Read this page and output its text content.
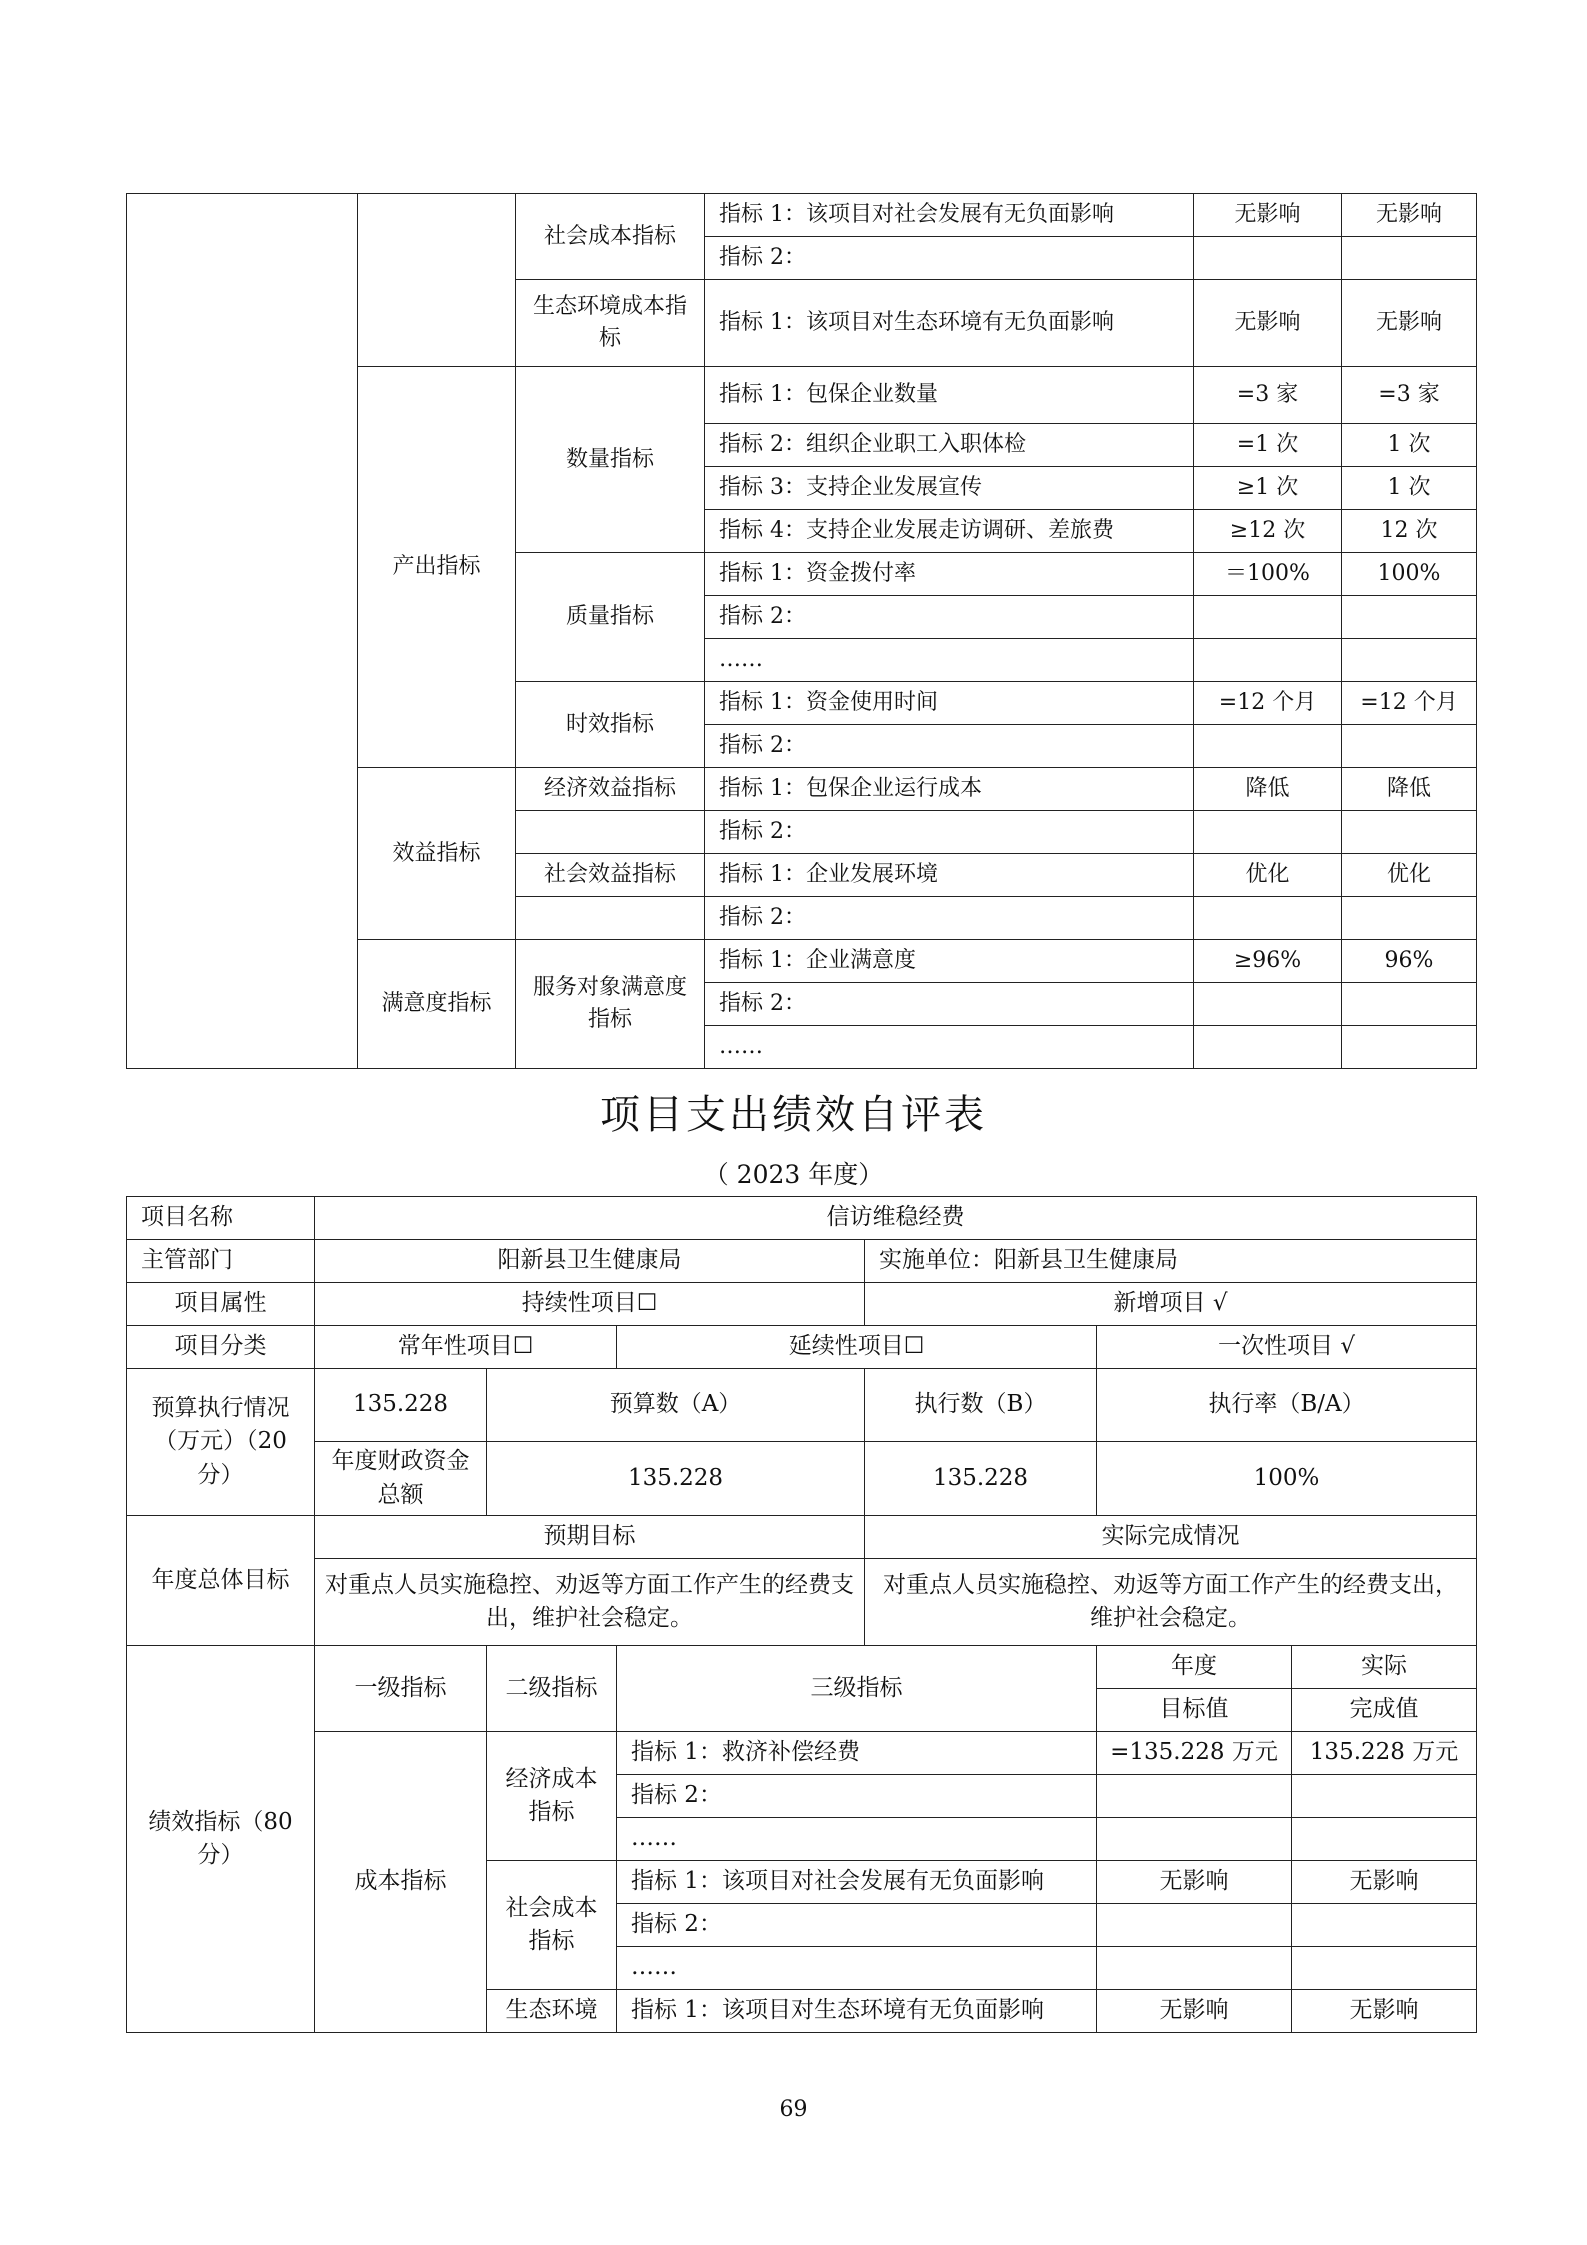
		社会成本指标	指标 1：该项目对社会发展有无负面影响	无影响	无影响
			指标 2：		
		生态环境成本指标	指标 1：该项目对生态环境有无负面影响	无影响	无影响
	产出指标	数量指标	指标 1：包保企业数量	=3 家	=3 家
			指标 2：组织企业职工入职体检	=1 次	1 次
			指标 3：支持企业发展宣传	≥1 次	1 次
			指标 4：支持企业发展走访调研、差旅费	≥12 次	12 次
		质量指标	指标 1：资金拨付率	＝100%	100%
			指标 2：		
			……		
		时效指标	指标 1：资金使用时间	=12 个月	=12 个月
			指标 2：		
	效益指标	经济效益指标	指标 1：包保企业运行成本	降低	降低
			指标 2：		
		社会效益指标	指标 1：企业发展环境	优化	优化
			指标 2：		
	满意度指标	服务对象满意度指标	指标 1：企业满意度	≥96%	96%
			指标 2：		
			……		
项目支出绩效自评表
（ 2023 年度）
项目名称	信访维稳经费					
主管部门	阳新县卫生健康局			实施单位：阳新县卫生健康局		
项目属性	持续性项目☐			新增项目 √		
项目分类	常年性项目☐		延续性项目☐		一次性项目 √	
预算执行情况（万元）（20 分）	135.228	预算数（A）		执行数（B）	执行率（B/A）	
	年度财政资金总额	135.228		135.228	100%	
年度总体目标	预期目标			实际完成情况		
	对重点人员实施稳控、劝返等方面工作产生的经费支出，维护社会稳定。			对重点人员实施稳控、劝返等方面工作产生的经费支出，维护社会稳定。		
绩效指标（80 分）	一级指标	二级指标	三级指标		年度	实际
					目标值	完成值
	成本指标	经济成本指标	指标 1：救济补偿经费		=135.228 万元	135.228 万元
			指标 2：			
			……			
		社会成本指标	指标 1：该项目对社会发展有无负面影响		无影响	无影响
			指标 2：			
			……			
		生态环境	指标 1：该项目对生态环境有无负面影响		无影响	无影响
69
